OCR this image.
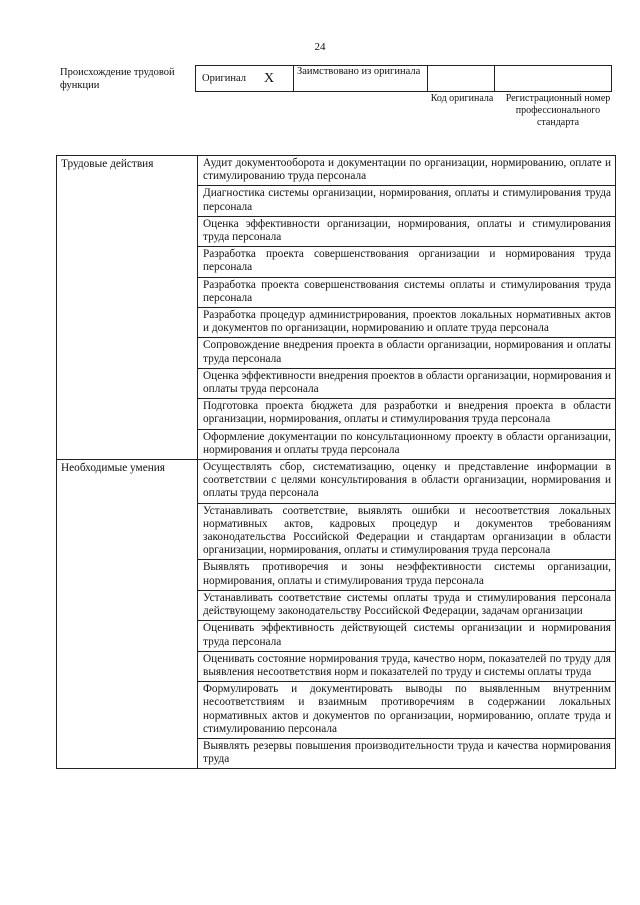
24
Происхождение трудовой функции
Оригинал	X	Заимствовано из оригинала		
Код оригинала	Регистрационный номер профессионального стандарта
Трудовые действия	Аудит документооборота и документации по организации, нормированию, оплате и стимулированию труда персонала
	Диагностика системы организации, нормирования, оплаты и стимулирования труда персонала
	Оценка эффективности организации, нормирования, оплаты и стимулирования труда персонала
	Разработка проекта совершенствования организации и нормирования труда персонала
	Разработка проекта совершенствования системы оплаты и стимулирования труда персонала
	Разработка процедур администрирования, проектов локальных нормативных актов и документов по организации, нормированию и оплате труда персонала
	Сопровождение внедрения проекта в области организации, нормирования и оплаты труда персонала
	Оценка эффективности внедрения проектов в области организации, нормирования и оплаты труда персонала
	Подготовка проекта бюджета для разработки и внедрения проекта в области организации, нормирования, оплаты и стимулирования труда персонала
	Оформление документации по консультационному проекту в области организации, нормирования и оплаты труда персонала
Необходимые умения	Осуществлять сбор, систематизацию, оценку и представление информации в соответствии с целями консультирования в области организации, нормирования и оплаты труда персонала
	Устанавливать соответствие, выявлять ошибки и несоответствия локальных нормативных актов, кадровых процедур и документов требованиям законодательства Российской Федерации и стандартам организации в области организации, нормирования, оплаты и стимулирования труда персонала
	Выявлять противоречия и зоны неэффективности системы организации, нормирования, оплаты и стимулирования труда персонала
	Устанавливать соответствие системы оплаты труда и стимулирования персонала действующему законодательству Российской Федерации, задачам организации
	Оценивать эффективность действующей системы организации и нормирования труда персонала
	Оценивать состояние нормирования труда, качество норм, показателей по труду для выявления несоответствия норм и показателей по труду и системы оплаты труда
	Формулировать и документировать выводы по выявленным внутренним несоответствиям и взаимным противоречиям в содержании локальных нормативных актов и документов по организации, нормированию, оплате труда и стимулированию персонала
	Выявлять резервы повышения производительности труда и качества нормирования труда
